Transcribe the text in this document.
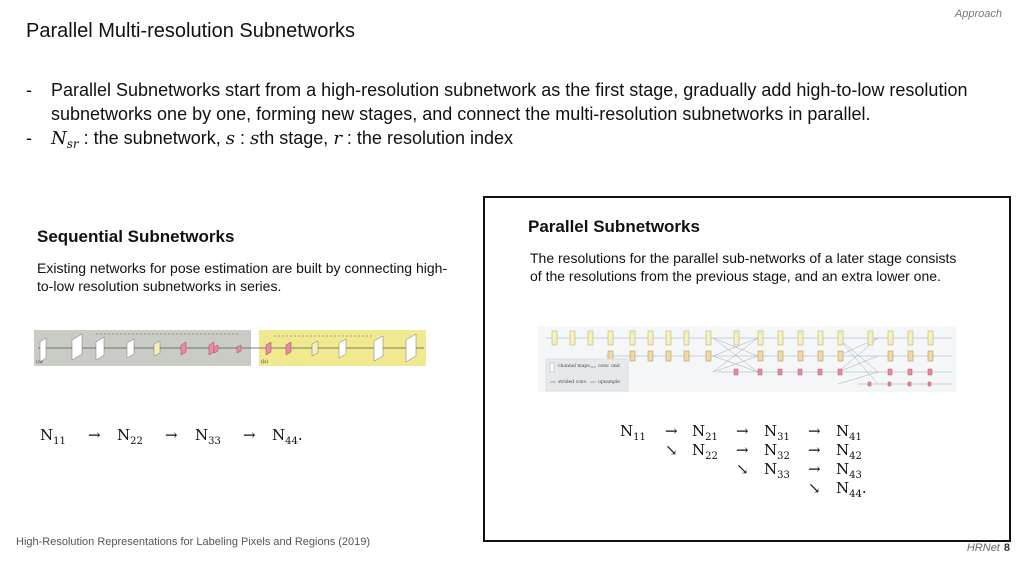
Approach
Parallel Multi-resolution Subnetworks
- Parallel Subnetworks start from a high-resolution subnetwork as the first stage, gradually add high-to-low resolution subnetworks one by one, forming new stages, and connect the multi-resolution subnetworks in parallel.
- $N_{sr}$ : the subnetwork, s : sth stage, r : the resolution index
Sequential Subnetworks
Existing networks for pose estimation are built by connecting high-to-low resolution subnetworks in series.
(a)	(b)
$N_{11} \to N_{22} \to N_{33} \to N_{44}$.
Parallel Subnetworks
The resolutions for the parallel sub-networks of a later stage consists of the resolutions from the previous stage, and an extra lower one.
channel maps conv. unit
strided conv. upsample
$N_{11} \to N_{21} \to N_{31} \to N_{41}$
↘ $N_{22} \to N_{32} \to N_{42}$
↘ $N_{33} \to N_{43}$
↘ $N_{44}$.
High-Resolution Representations for Labeling Pixels and Regions (2019)	HRNet 8
